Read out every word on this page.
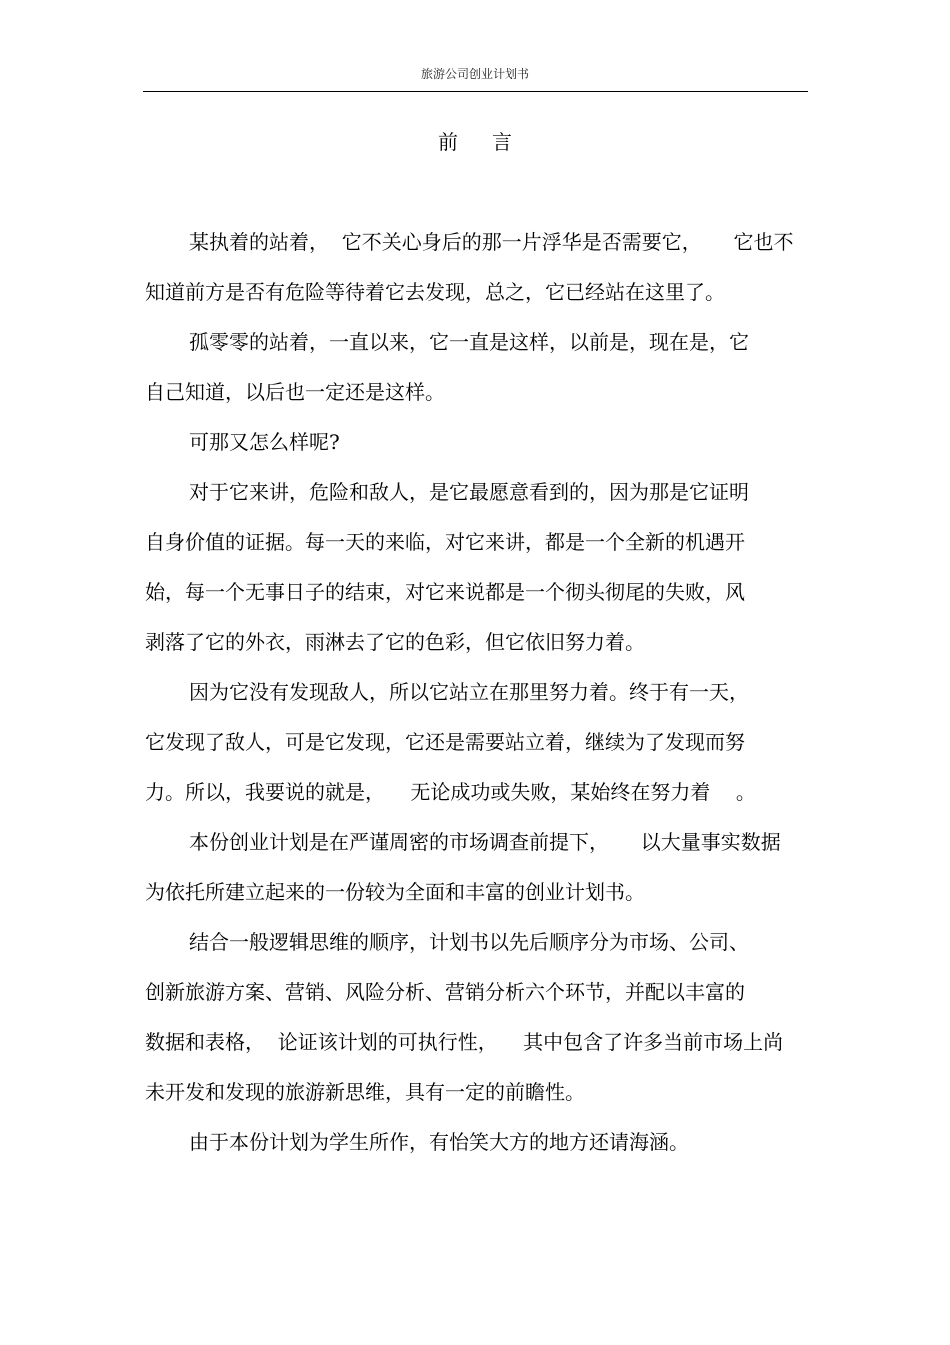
旅游公司创业计划书
前言
某执着的站着，  它不关心身后的那一片浮华是否需要它，     它也不
知道前方是否有危险等待着它去发现，总之，它已经站在这里了。
孤零零的站着，一直以来，它一直是这样，以前是，现在是，它
自己知道，以后也一定还是这样。
可那又怎么样呢?
对于它来讲，危险和敌人，是它最愿意看到的，因为那是它证明
自身价值的证据。每一天的来临，对它来讲，都是一个全新的机遇开
始，每一个无事日子的结束，对它来说都是一个彻头彻尾的失败，风
剥落了它的外衣，雨淋去了它的色彩，但它依旧努力着。
因为它没有发现敌人，所以它站立在那里努力着。终于有一天，
它发现了敌人，可是它发现，它还是需要站立着，继续为了发现而努
力。所以，我要说的就是，    无论成功或失败，某始终在努力着    。
本份创业计划是在严谨周密的市场调查前提下，     以大量事实数据
为依托所建立起来的一份较为全面和丰富的创业计划书。
结合一般逻辑思维的顺序，计划书以先后顺序分为市场、公司、
创新旅游方案、营销、风险分析、营销分析六个环节，并配以丰富的
数据和表格，  论证该计划的可执行性，    其中包含了许多当前市场上尚
未开发和发现的旅游新思维，具有一定的前瞻性。
由于本份计划为学生所作，有怡笑大方的地方还请海涵。
